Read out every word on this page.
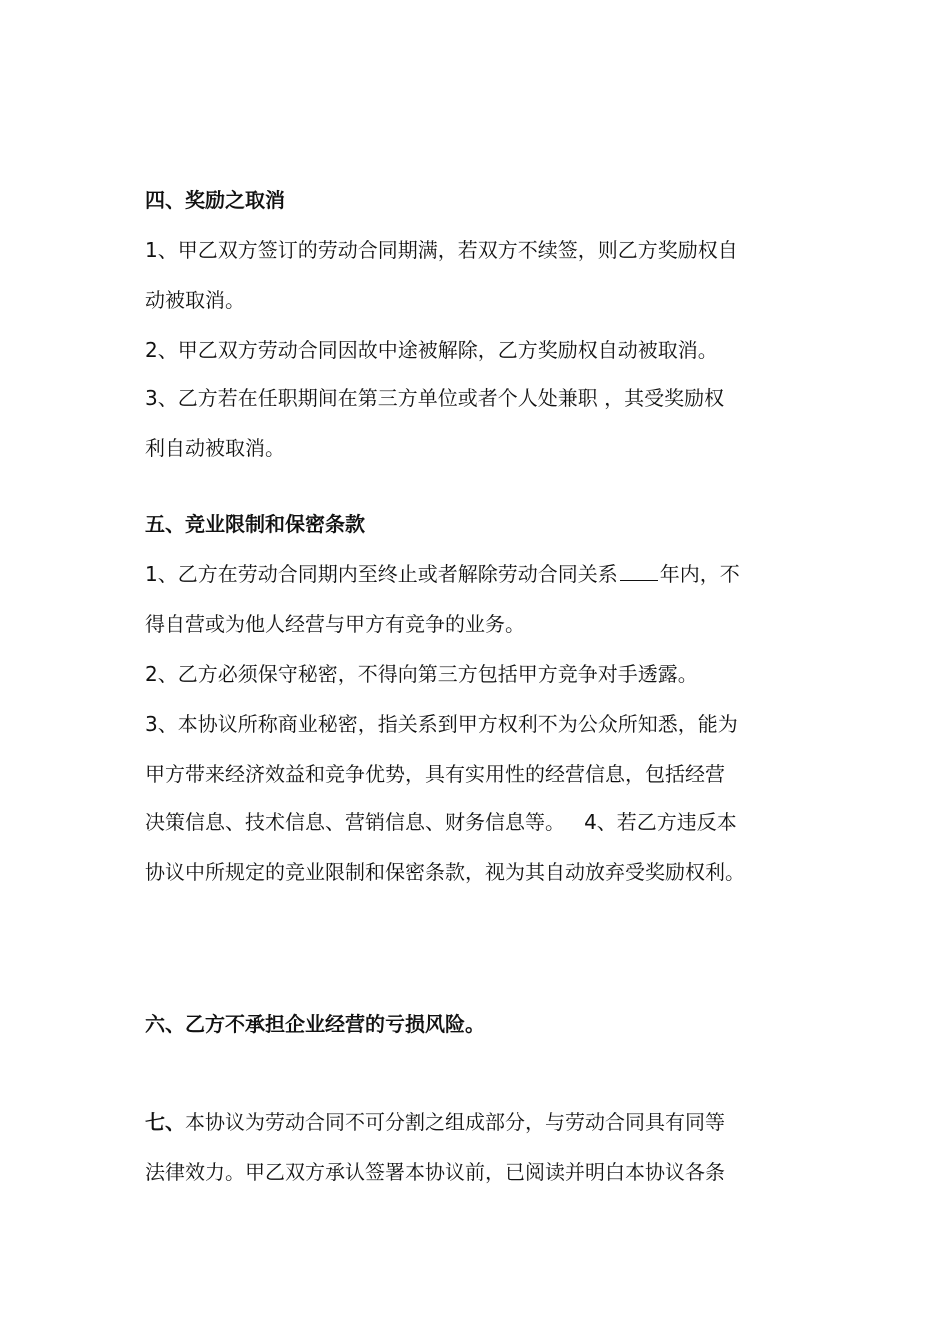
四、奖励之取消
1、甲乙双方签订的劳动合同期满，若双方不续签，则乙方奖励权自
动被取消。
2、甲乙双方劳动合同因故中途被解除，乙方奖励权自动被取消。
3、乙方若在任职期间在第三方单位或者个人处兼职 ，其受奖励权
利自动被取消。
五、竞业限制和保密条款
1、乙方在劳动合同期内至终止或者解除劳动合同关系 年内，不
得自营或为他人经营与甲方有竞争的业务。
2、乙方必须保守秘密，不得向第三方包括甲方竞争对手透露。
3、本协议所称商业秘密，指关系到甲方权利不为公众所知悉，能为
甲方带来经济效益和竞争优势，具有实用性的经营信息，包括经营
决策信息、技术信息、营销信息、财务信息等。   4、若乙方违反本
协议中所规定的竞业限制和保密条款，视为其自动放弃受奖励权利。
六、乙方不承担企业经营的亏损风险。
七、本协议为劳动合同不可分割之组成部分，与劳动合同具有同等
法律效力。甲乙双方承认签署本协议前，已阅读并明白本协议各条
